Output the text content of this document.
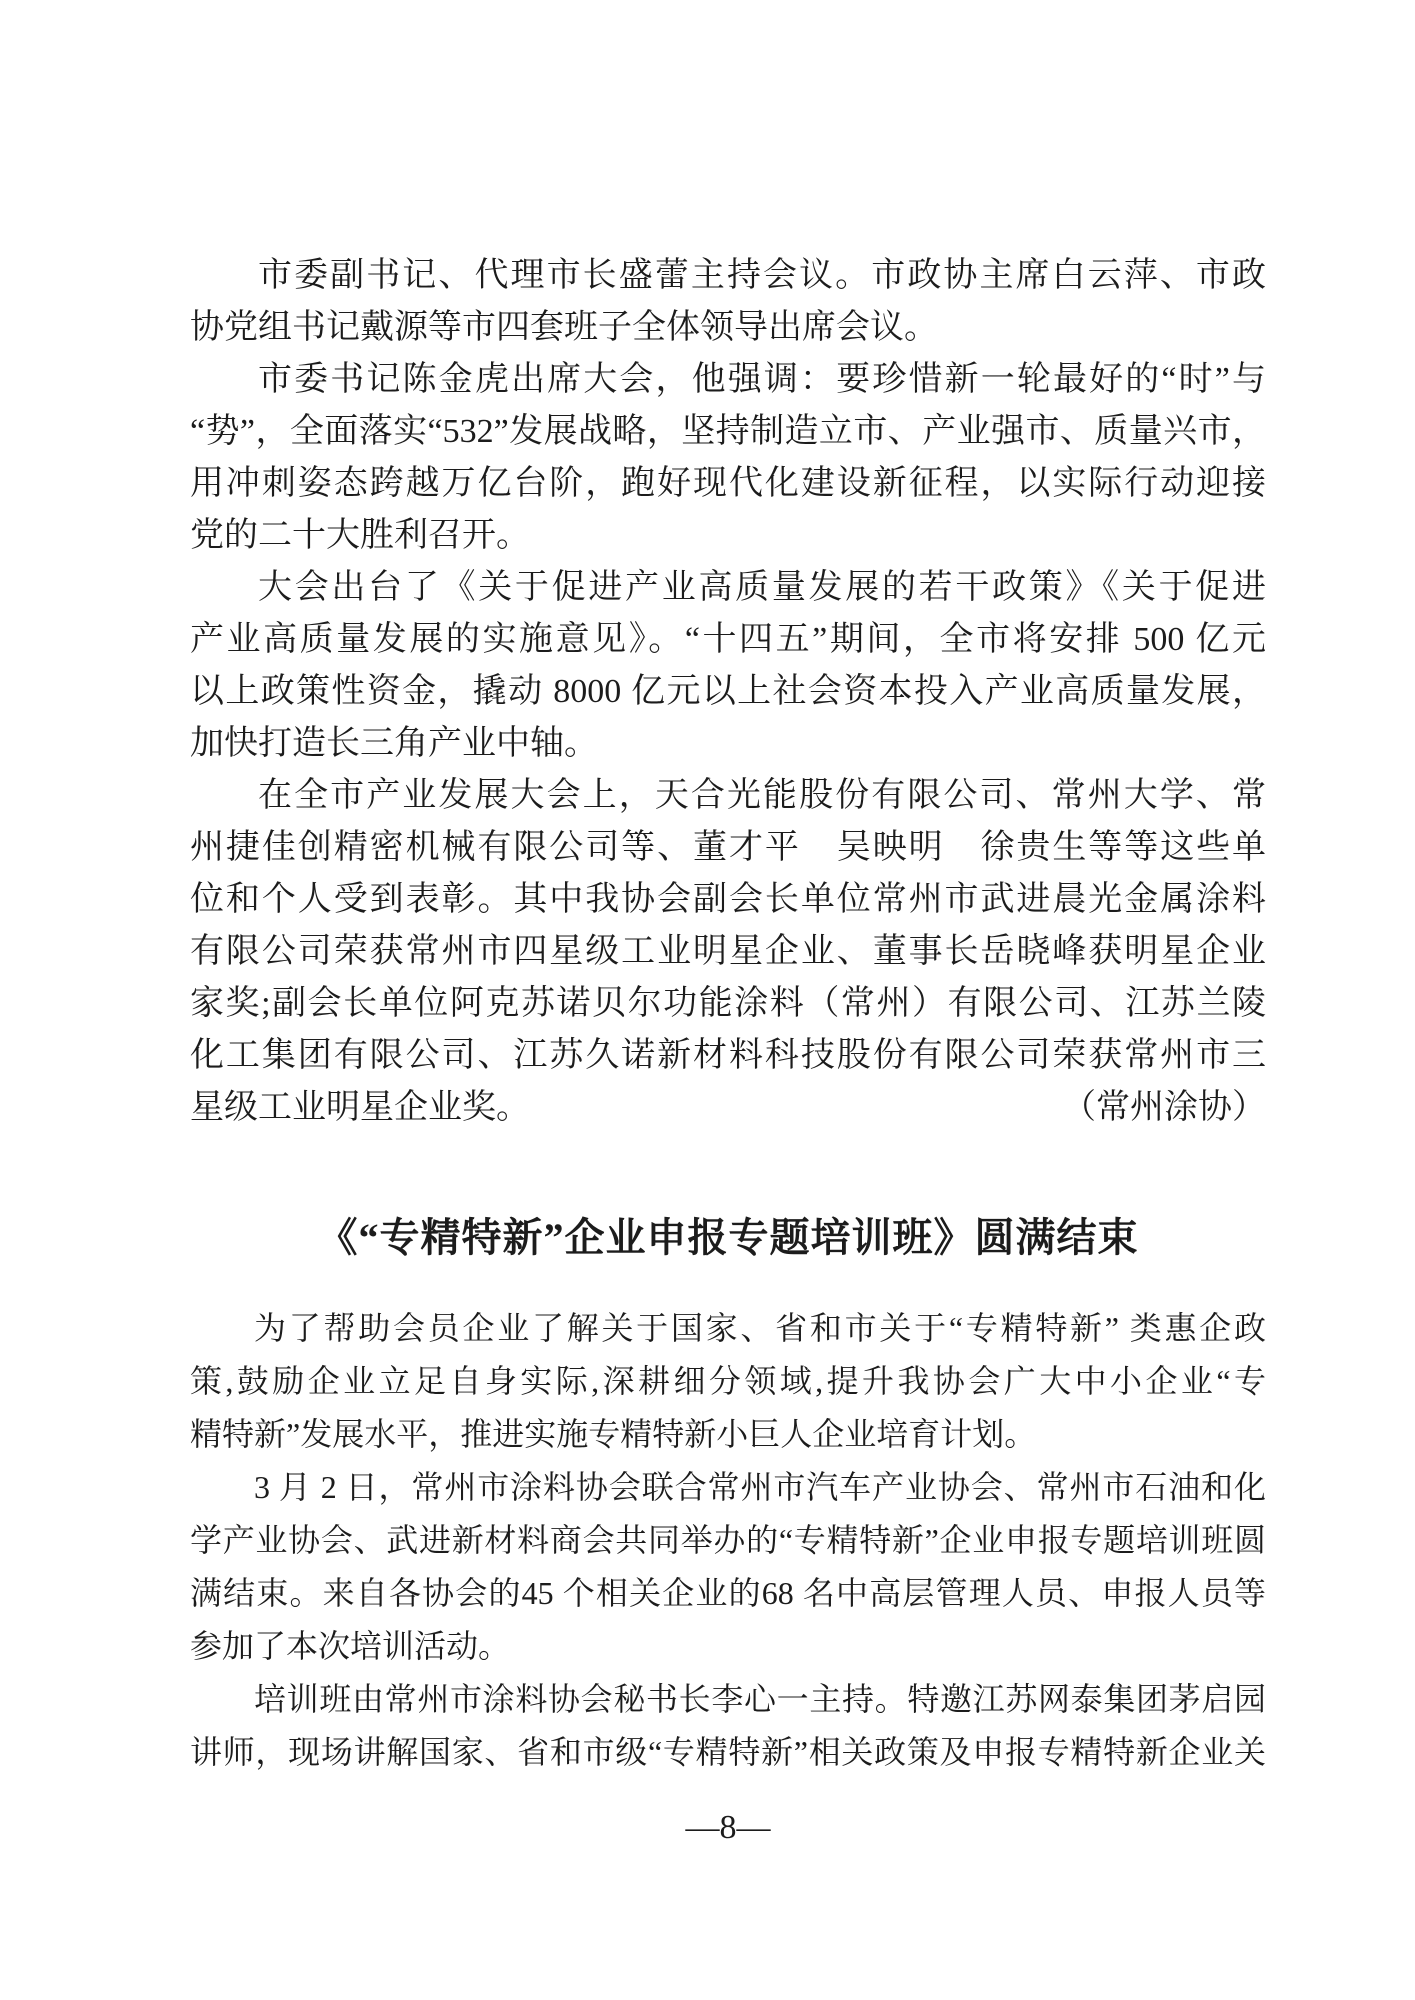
市委副书记、代理市长盛蕾主持会议。市政协主席白云萍、市政
协党组书记戴源等市四套班子全体领导出席会议。
市委书记陈金虎出席大会，他强调：要珍惜新一轮最好的“时”与
“势”，全面落实“532”发展战略，坚持制造立市、产业强市、质量兴市，
用冲刺姿态跨越万亿台阶，跑好现代化建设新征程，以实际行动迎接
党的二十大胜利召开。
大会出台了《关于促进产业高质量发展的若干政策》《关于促进
产业高质量发展的实施意见》。“十四五”期间，全市将安排 500 亿元
以上政策性资金，撬动 8000 亿元以上社会资本投入产业高质量发展，
加快打造长三角产业中轴。
在全市产业发展大会上，天合光能股份有限公司、常州大学、常
州捷佳创精密机械有限公司等、董才平　吴映明　徐贵生等等这些单
位和个人受到表彰。其中我协会副会长单位常州市武进晨光金属涂料
有限公司荣获常州市四星级工业明星企业、董事长岳晓峰获明星企业
家奖;副会长单位阿克苏诺贝尔功能涂料（常州）有限公司、江苏兰陵
化工集团有限公司、江苏久诺新材料科技股份有限公司荣获常州市三
星级工业明星企业奖。	（常州涂协）
《“专精特新”企业申报专题培训班》圆满结束
为了帮助会员企业了解关于国家、省和市关于“专精特新” 类惠企政
策,鼓励企业立足自身实际,深耕细分领域,提升我协会广大中小企业“专
精特新”发展水平，推进实施专精特新小巨人企业培育计划。
3 月 2 日，常州市涂料协会联合常州市汽车产业协会、常州市石油和化
学产业协会、武进新材料商会共同举办的“专精特新”企业申报专题培训班圆
满结束。来自各协会的45 个相关企业的68 名中高层管理人员、申报人员等
参加了本次培训活动。
培训班由常州市涂料协会秘书长李心一主持。特邀江苏网泰集团茅启园
讲师，现场讲解国家、省和市级“专精特新”相关政策及申报专精特新企业关
—8—
